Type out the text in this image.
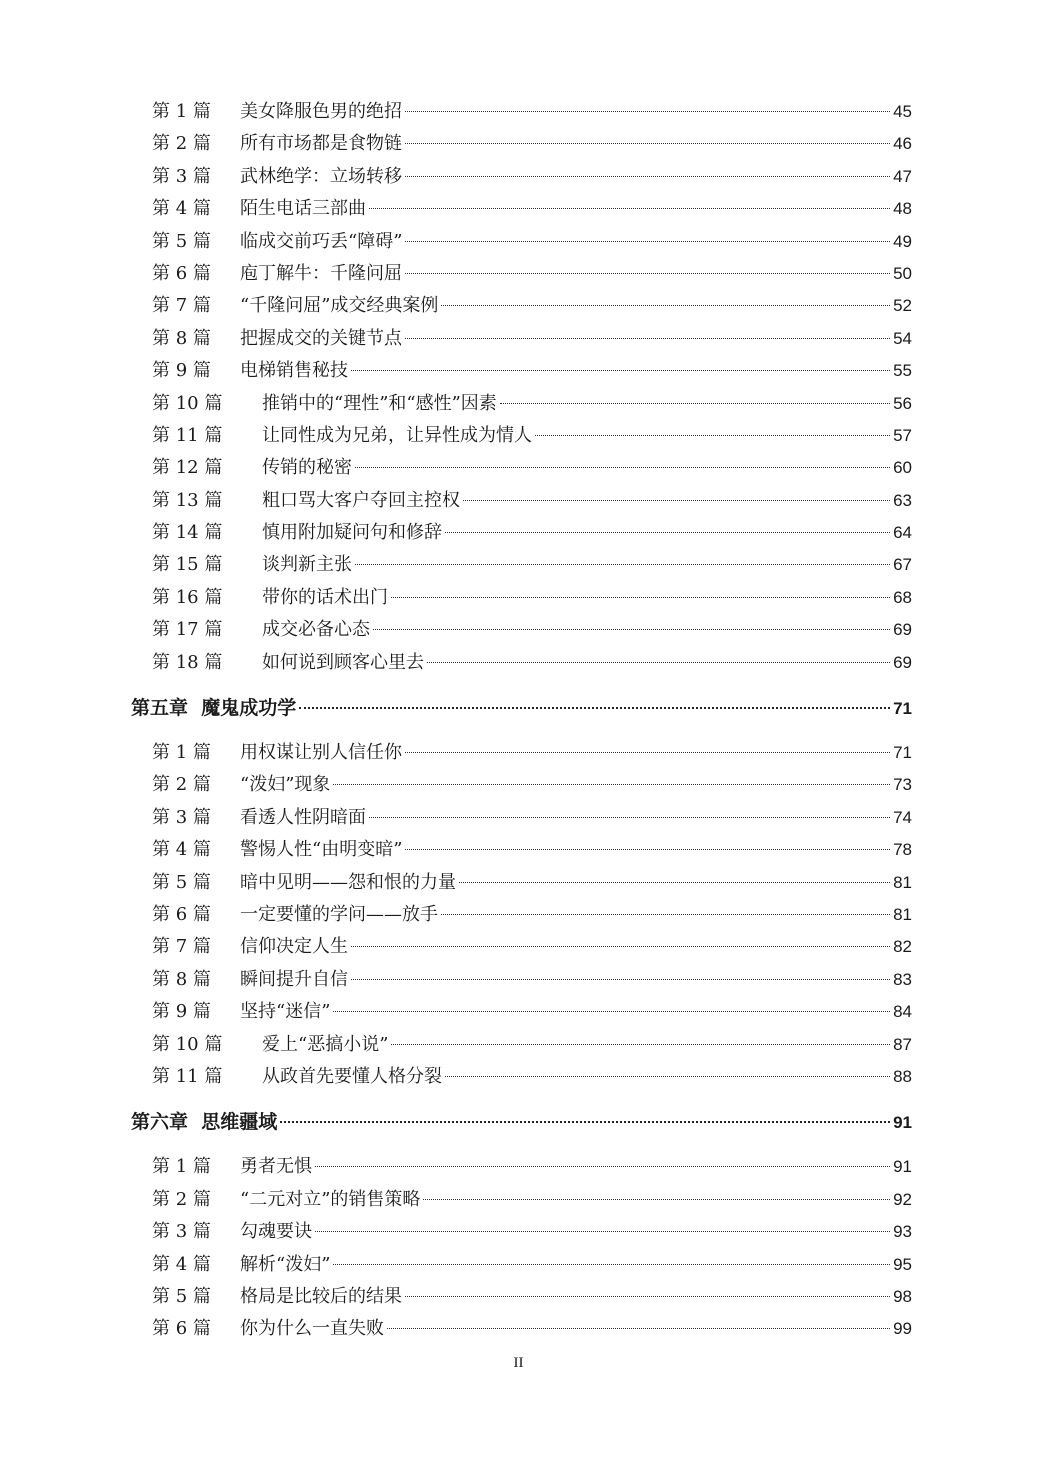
第 1 篇	美女降服色男的绝招	45
第 2 篇	所有市场都是食物链	46
第 3 篇	武林绝学：立场转移	47
第 4 篇	陌生电话三部曲	48
第 5 篇	临成交前巧丢“障碍”	49
第 6 篇	庖丁解牛：千隆问屈	50
第 7 篇	“千隆问屈”成交经典案例	52
第 8 篇	把握成交的关键节点	54
第 9 篇	电梯销售秘技	55
第 10 篇	推销中的“理性”和“感性”因素	56
第 11 篇	让同性成为兄弟，让异性成为情人	57
第 12 篇	传销的秘密	60
第 13 篇	粗口骂大客户夺回主控权	63
第 14 篇	慎用附加疑问句和修辞	64
第 15 篇	谈判新主张	67
第 16 篇	带你的话术出门	68
第 17 篇	成交必备心态	69
第 18 篇	如何说到顾客心里去	69
第五章  魔鬼成功学	71
第 1 篇	用权谋让别人信任你	71
第 2 篇	“泼妇”现象	73
第 3 篇	看透人性阴暗面	74
第 4 篇	警惕人性“由明变暗”	78
第 5 篇	暗中见明——怨和恨的力量	81
第 6 篇	一定要懂的学问——放手	81
第 7 篇	信仰决定人生	82
第 8 篇	瞬间提升自信	83
第 9 篇	坚持“迷信”	84
第 10 篇	爱上“恶搞小说”	87
第 11 篇	从政首先要懂人格分裂	88
第六章  思维疆域	91
第 1 篇	勇者无惧	91
第 2 篇	“二元对立”的销售策略	92
第 3 篇	勾魂要诀	93
第 4 篇	解析“泼妇”	95
第 5 篇	格局是比较后的结果	98
第 6 篇	你为什么一直失败	99
II
